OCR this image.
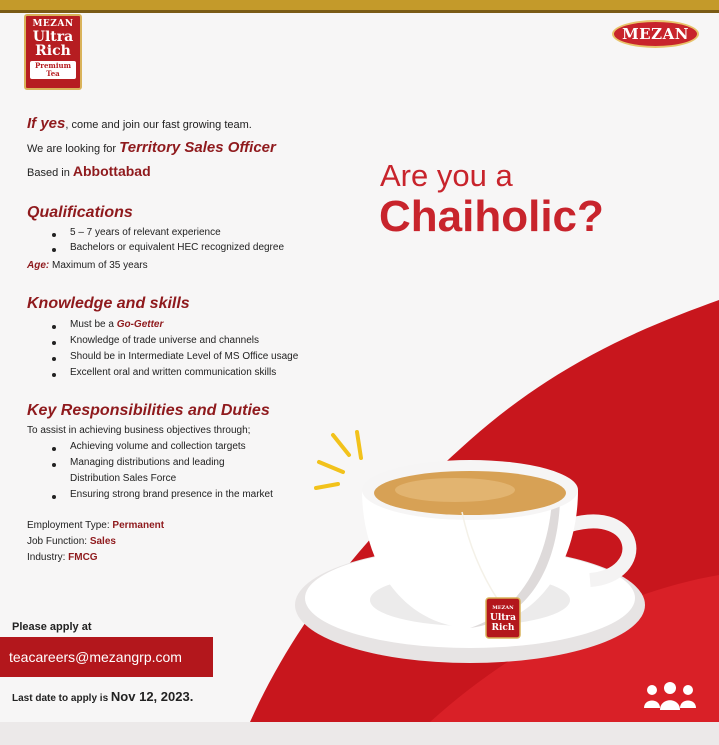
MEZAN
Ultra
Rich
MEZAN
Ultra
Rich
Premium Tea
MEZAN
If yes, come and join our fast growing team.
We are looking for Territory Sales Officer
Based in Abbottabad	Are you a
Chaiholic?
Qualifications
5 – 7 years of relevant experience
Bachelors or equivalent HEC recognized degree
Age: Maximum of 35 years
Knowledge and skills
Must be a Go-Getter
Knowledge of trade universe and channels
Should be in Intermediate Level of MS Office usage
Excellent oral and written communication skills
Key Responsibilities and Duties
To assist in achieving business objectives through;
Achieving volume and collection targets
Managing distributions and leading
Distribution Sales Force
Ensuring strong brand presence in the market
Employment Type: Permanent
Job Function: Sales
Industry: FMCG
Please apply at
teacareers@mezangrp.com
Last date to apply is Nov 12, 2023.
